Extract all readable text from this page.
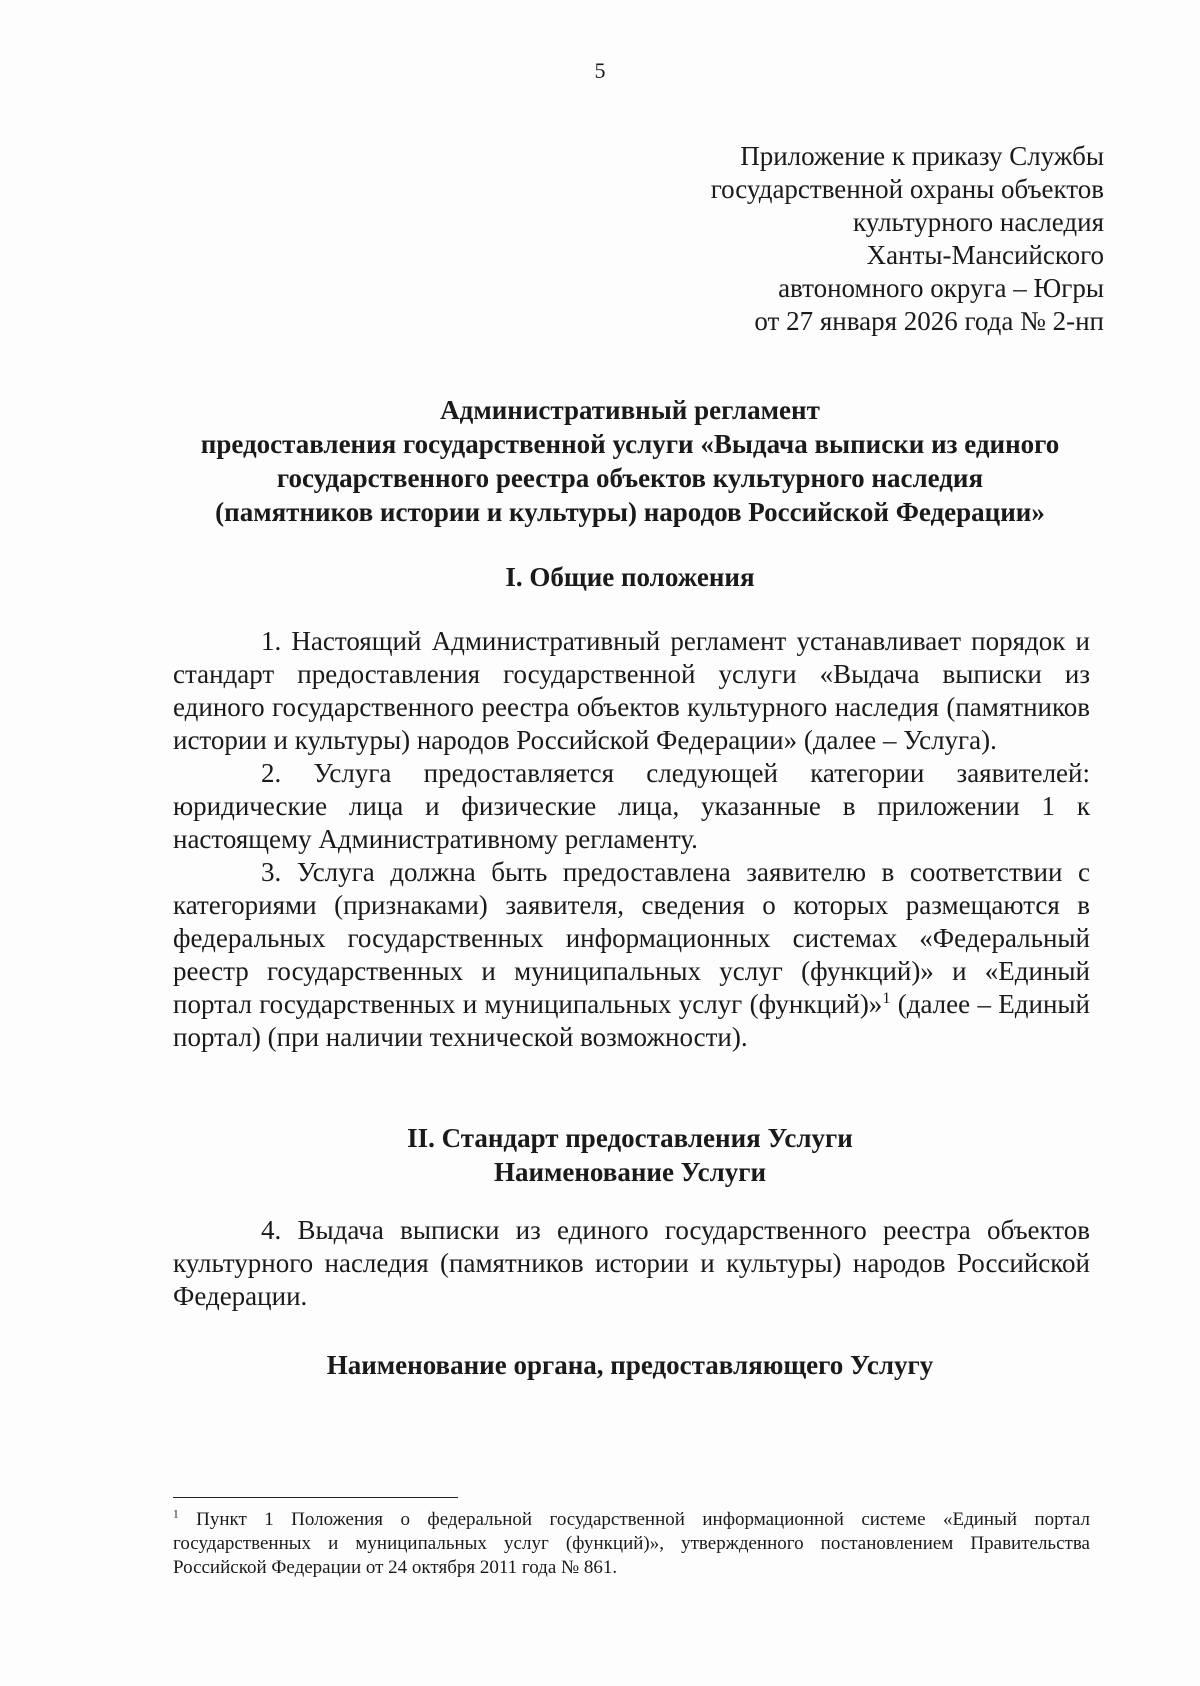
5
Приложение к приказу Службы
государственной охраны объектов
культурного наследия
Ханты-Мансийского
автономного округа – Югры
от 27 января 2026 года № 2-нп
Административный регламент
предоставления государственной услуги «Выдача выписки из единого
государственного реестра объектов культурного наследия
(памятников истории и культуры) народов Российской Федерации»
I. Общие положения

1. Настоящий Административный регламент устанавливает порядок и стандарт предоставления государственной услуги «Выдача выписки из единого государственного реестра объектов культурного наследия (памятников истории и культуры) народов Российской Федерации» (далее – Услуга).

2. Услуга предоставляется следующей категории заявителей: юридические лица и физические лица, указанные в приложении 1 к настоящему Административному регламенту.

3. Услуга должна быть предоставлена заявителю в соответствии с категориями (признаками) заявителя, сведения о которых размещаются в федеральных государственных информационных системах «Федеральный реестр государственных и муниципальных услуг (функций)» и «Единый портал государственных и муниципальных услуг (функций)»$^1$ (далее – Единый портал) (при наличии технической возможности).

II. Стандарт предоставления Услуги
Наименование Услуги

4. Выдача выписки из единого государственного реестра объектов культурного наследия (памятников истории и культуры) народов Российской Федерации.

Наименование органа, предоставляющего Услугу

$^1$ Пункт 1 Положения о федеральной государственной информационной системе «Единый портал государственных и муниципальных услуг (функций)», утвержденного постановлением Правительства Российской Федерации от 24 октября 2011 года № 861.
